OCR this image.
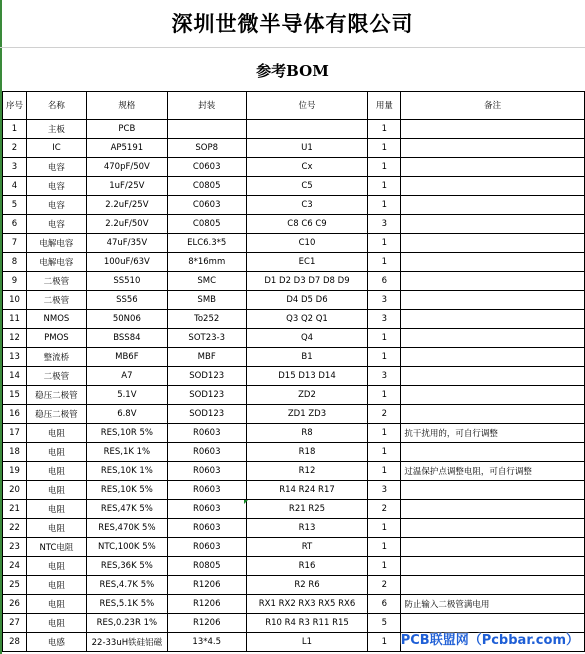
深圳世微半导体有限公司
参考BOM
序号	名称	规格	封装	位号	用量	备注
1	主板	PCB			1	
2	IC	AP5191	SOP8	U1	1	
3	电容	470pF/50V	C0603	Cx	1	
4	电容	1uF/25V	C0805	C5	1	
5	电容	2.2uF/25V	C0603	C3	1	
6	电容	2.2uF/50V	C0805	C8 C6 C9	3	
7	电解电容	47uF/35V	ELC6.3*5	C10	1	
8	电解电容	100uF/63V	8*16mm	EC1	1	
9	二极管	SS510	SMC	D1 D2 D3 D7 D8 D9	6	
10	二极管	SS56	SMB	D4 D5 D6	3	
11	NMOS	50N06	To252	Q3 Q2 Q1	3	
12	PMOS	BSS84	SOT23-3	Q4	1	
13	整流桥	MB6F	MBF	B1	1	
14	二极管	A7	SOD123	D15 D13 D14	3	
15	稳压二极管	5.1V	SOD123	ZD2	1	
16	稳压二极管	6.8V	SOD123	ZD1 ZD3	2	
17	电阻	RES,10R 5%	R0603	R8	1	抗干扰用的，可自行调整
18	电阻	RES,1K 1%	R0603	R18	1	
19	电阻	RES,10K 1%	R0603	R12	1	过温保护点调整电阻，可自行调整
20	电阻	RES,10K 5%	R0603	R14 R24 R17	3	
21	电阻	RES,47K 5%	R0603	R21 R25	2	
22	电阻	RES,470K 5%	R0603	R13	1	
23	NTC电阻	NTC,100K 5%	R0603	RT	1	
24	电阻	RES,36K 5%	R0805	R16	1	
25	电阻	RES,4.7K 5%	R1206	R2 R6	2	
26	电阻	RES,5.1K 5%	R1206	RX1 RX2 RX3 RX5 RX6	6	防止输入二极管满电用
27	电阻	RES,0.23R 1%	R1206	R10 R4 R3 R11 R15	5	
28	电感	22-33uH铁硅铝磁	13*4.5	L1	1	PCB联盟网（Pcbbar.com）
